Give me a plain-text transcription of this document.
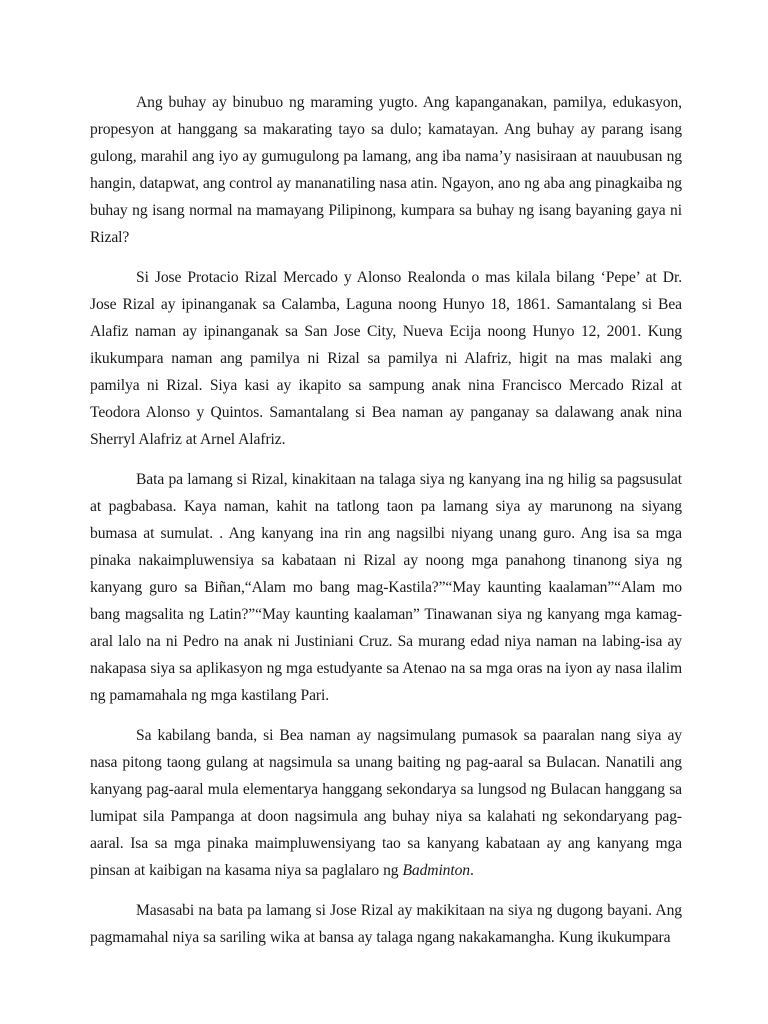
Ang buhay ay binubuo ng maraming yugto. Ang kapanganakan, pamilya, edukasyon, propesyon at hanggang sa makarating tayo sa dulo; kamatayan. Ang buhay ay parang isang gulong, marahil ang iyo ay gumugulong pa lamang, ang iba nama’y nasisiraan at nauubusan ng hangin, datapwat, ang control ay mananatiling nasa atin. Ngayon, ano ng aba ang pinagkaiba ng buhay ng isang normal na mamayang Pilipinong, kumpara sa buhay ng isang bayaning gaya ni Rizal?

Si Jose Protacio Rizal Mercado y Alonso Realonda o mas kilala bilang ‘Pepe’ at Dr. Jose Rizal ay ipinanganak sa Calamba, Laguna noong Hunyo 18, 1861. Samantalang si Bea Alafiz naman ay ipinanganak sa San Jose City, Nueva Ecija noong Hunyo 12, 2001. Kung ikukumpara naman ang pamilya ni Rizal sa pamilya ni Alafriz, higit na mas malaki ang pamilya ni Rizal. Siya kasi ay ikapito sa sampung anak nina Francisco Mercado Rizal at Teodora Alonso y Quintos. Samantalang si Bea naman ay panganay sa dalawang anak nina Sherryl Alafriz at Arnel Alafriz.

Bata pa lamang si Rizal, kinakitaan na talaga siya ng kanyang ina ng hilig sa pagsusulat at pagbabasa. Kaya naman, kahit na tatlong taon pa lamang siya ay marunong na siyang bumasa at sumulat. . Ang kanyang ina rin ang nagsilbi niyang unang guro. Ang isa sa mga pinaka nakaimpluwensiya sa kabataan ni Rizal ay noong mga panahong tinanong siya ng kanyang guro sa Biñan,“Alam mo bang mag-Kastila?”“May kaunting kaalaman”“Alam mo bang magsalita ng Latin?”“May kaunting kaalaman” Tinawanan siya ng kanyang mga kamag-aral lalo na ni Pedro na anak ni Justiniani Cruz. Sa murang edad niya naman na labing-isa ay nakapasa siya sa aplikasyon ng mga estudyante sa Atenao na sa mga oras na iyon ay nasa ilalim ng pamamahala ng mga kastilang Pari.

Sa kabilang banda, si Bea naman ay nagsimulang pumasok sa paaralan nang siya ay nasa pitong taong gulang at nagsimula sa unang baiting ng pag-aaral sa Bulacan. Nanatili ang kanyang pag-aaral mula elementarya hanggang sekondarya sa lungsod ng Bulacan hanggang sa lumipat sila Pampanga at doon nagsimula ang buhay niya sa kalahati ng sekondaryang pag-aaral. Isa sa mga pinaka maimpluwensiyang tao sa kanyang kabataan ay ang kanyang mga pinsan at kaibigan na kasama niya sa paglalaro ng Badminton.

Masasabi na bata pa lamang si Jose Rizal ay makikitaan na siya ng dugong bayani. Ang pagmamahal niya sa sariling wika at bansa ay talaga ngang nakakamangha. Kung ikukumpara
